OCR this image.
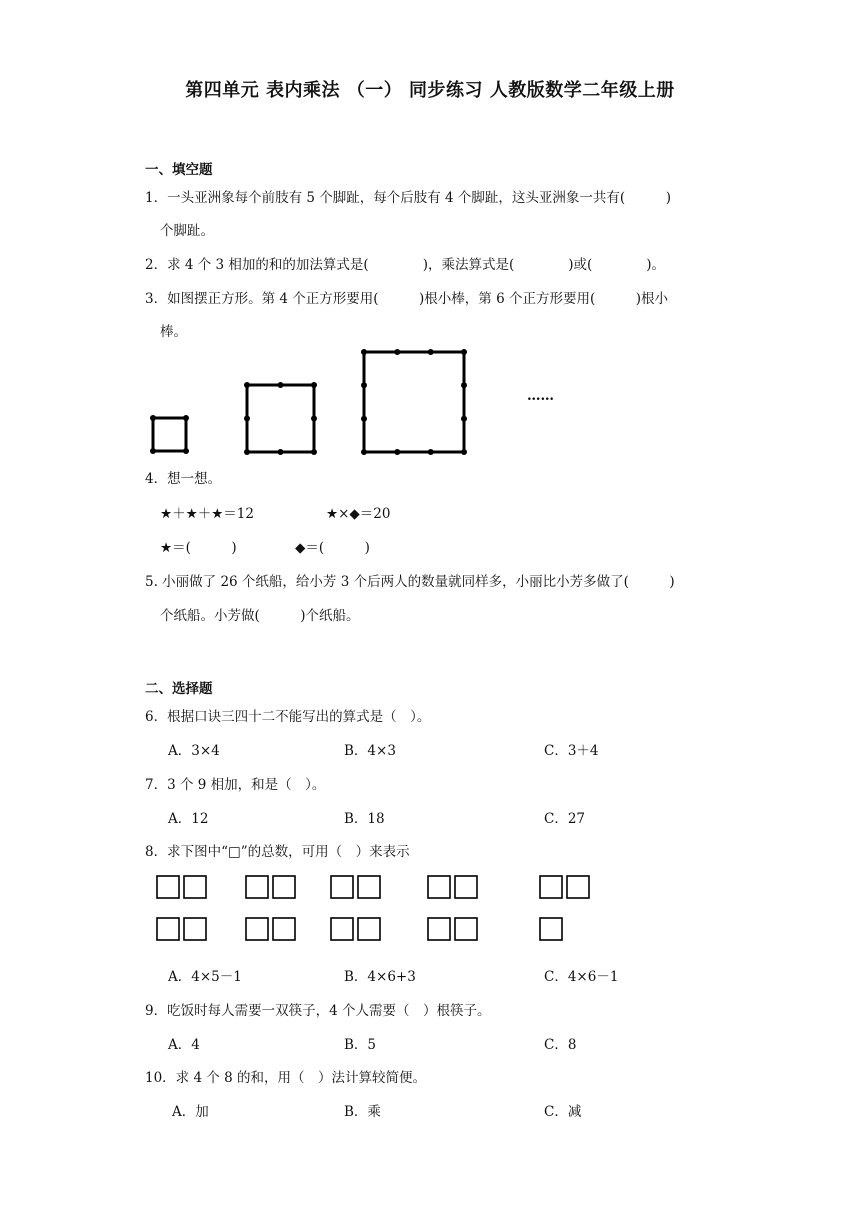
第四单元 表内乘法 （一） 同步练习 人教版数学二年级上册
一、填空题
1．一头亚洲象每个前肢有 5 个脚趾，每个后肢有 4 个脚趾，这头亚洲象一共有(　　　)
个脚趾。
2．求 4 个 3 相加的和的加法算式是(　　　　)，乘法算式是(　　　　)或(　　　　)。
3．如图摆正方形。第 4 个正方形要用(　　　)根小棒，第 6 个正方形要用(　　　)根小
棒。
……
4．想一想。
★＋★＋★＝12	★×◆＝20
★＝(　　　)	◆＝(　　　)
5. 小丽做了 26 个纸船，给小芳 3 个后两人的数量就同样多，小丽比小芳多做了(　　　)
个纸船。小芳做(　　　)个纸船。
二、选择题
6．根据口诀三四十二不能写出的算式是（　）。
A．3×4	B．4×3	C．3＋4
7．3 个 9 相加，和是（　）。
A．12	B．18	C．27
8．求下图中“□”的总数，可用（　）来表示
A．4×5－1	B．4×6+3	C．4×6－1
9．吃饭时每人需要一双筷子，4 个人需要（　）根筷子。
A．4	B．5	C．8
10．求 4 个 8 的和，用（　）法计算较简便。
A．加	B．乘	C．减
